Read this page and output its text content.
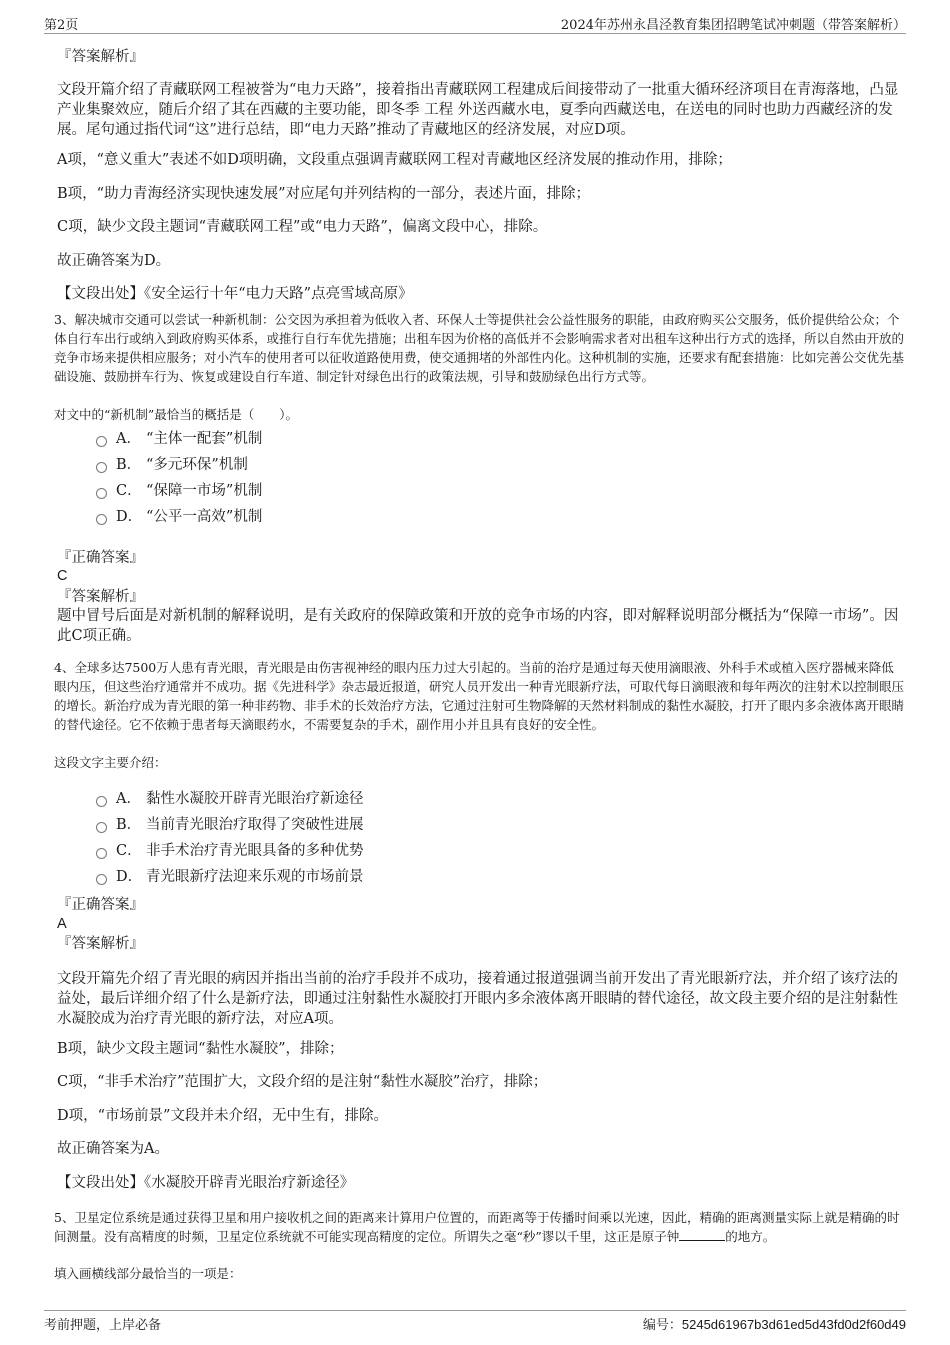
第2页	2024年苏州永昌泾教育集团招聘笔试冲刺题（带答案解析）
『答案解析』
文段开篇介绍了青藏联网工程被誉为“电力天路”，接着指出青藏联网工程建成后间接带动了一批重大循环经济项目在青海落地，凸显产业集聚效应，随后介绍了其在西藏的主要功能，即冬季 工程 外送西藏水电，夏季向西藏送电，在送电的同时也助力西藏经济的发展。尾句通过指代词“这”进行总结，即“电力天路”推动了青藏地区的经济发展，对应D项。
A项，“意义重大”表述不如D项明确，文段重点强调青藏联网工程对青藏地区经济发展的推动作用，排除；
B项，“助力青海经济实现快速发展”对应尾句并列结构的一部分，表述片面，排除；
C项，缺少文段主题词“青藏联网工程”或“电力天路”，偏离文段中心，排除。
故正确答案为D。
【文段出处】《安全运行十年“电力天路”点亮雪域高原》
3、解决城市交通可以尝试一种新机制：公交因为承担着为低收入者、环保人士等提供社会公益性服务的职能，由政府购买公交服务，低价提供给公众；个体自行车出行或纳入到政府购买体系，或推行自行车优先措施；出租车因为价格的高低并不会影响需求者对出租车这种出行方式的选择，所以自然由开放的竞争市场来提供相应服务；对小汽车的使用者可以征收道路使用费，使交通拥堵的外部性内化。这种机制的实施，还要求有配套措施：比如完善公交优先基础设施、鼓励拼车行为、恢复或建设自行车道、制定针对绿色出行的政策法规，引导和鼓励绿色出行方式等。
对文中的“新机制”最恰当的概括是（　　）。
A． “主体一配套”机制
B． “多元环保”机制
C． “保障一市场”机制
D． “公平一高效”机制
『正确答案』
C
『答案解析』
题中冒号后面是对新机制的解释说明，是有关政府的保障政策和开放的竞争市场的内容，即对解释说明部分概括为“保障一市场”。因此C项正确。
4、全球多达7500万人患有青光眼，青光眼是由伤害视神经的眼内压力过大引起的。当前的治疗是通过每天使用滴眼液、外科手术或植入医疗器械来降低眼内压，但这些治疗通常并不成功。据《先进科学》杂志最近报道，研究人员开发出一种青光眼新疗法，可取代每日滴眼液和每年两次的注射术以控制眼压的增长。新治疗成为青光眼的第一种非药物、非手术的长效治疗方法，它通过注射可生物降解的天然材料制成的黏性水凝胶，打开了眼内多余液体离开眼睛的替代途径。它不依赖于患者每天滴眼药水，不需要复杂的手术，副作用小并且具有良好的安全性。
这段文字主要介绍：
A． 黏性水凝胶开辟青光眼治疗新途径
B． 当前青光眼治疗取得了突破性进展
C． 非手术治疗青光眼具备的多种优势
D． 青光眼新疗法迎来乐观的市场前景
『正确答案』
A
『答案解析』
文段开篇先介绍了青光眼的病因并指出当前的治疗手段并不成功，接着通过报道强调当前开发出了青光眼新疗法，并介绍了该疗法的益处，最后详细介绍了什么是新疗法，即通过注射黏性水凝胶打开眼内多余液体离开眼睛的替代途径，故文段主要介绍的是注射黏性水凝胶成为治疗青光眼的新疗法，对应A项。
B项，缺少文段主题词“黏性水凝胶”，排除；
C项，“非手术治疗”范围扩大，文段介绍的是注射“黏性水凝胶”治疗，排除；
D项，“市场前景”文段并未介绍，无中生有，排除。
故正确答案为A。
【文段出处】《水凝胶开辟青光眼治疗新途径》
5、卫星定位系统是通过获得卫星和用户接收机之间的距离来计算用户位置的，而距离等于传播时间乘以光速，因此，精确的距离测量实际上就是精确的时间测量。没有高精度的时频，卫星定位系统就不可能实现高精度的定位。所谓失之毫“秒”谬以千里，这正是原子钟	的地方。
填入画横线部分最恰当的一项是：
考前押题，上岸必备	编号：5245d61967b3d61ed5d43fd0d2f60d49
